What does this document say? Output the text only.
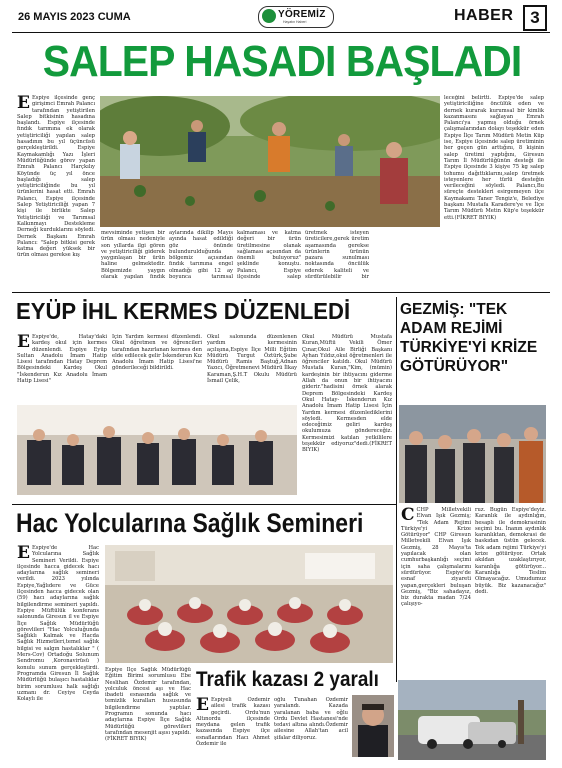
26 MAYIS 2023 CUMA	YÖREMİZ
Hayatın Haberi	HABER 3
SALEP HASADI BAŞLADI
E Espiye ilçesinde genç girişimci Emrah Palancı tarafından yetiştirilen Salep bitkisinin hasadına başlandı. Espiye ilçesinde fındık tarımına ek olarak yetiştiriciliği yapılan salep hasadının bu yıl üçüncüsü gerçekleştirildi. Espiye Kaymakamlığı Yazı İşleri Müdürlüğünde görev yapan Emrah Palancı Harçkılıy Köyünde üç yıl önce başladığı salep yetiştiriciliğinde bu yıl ürünlerini hasat etti. Emrah Palancı, Espiye ilçesinde Salep Yetiştiriciliği yapan 7 kişi ile birlikte Salep Yetiştiriciliği ve Tarımsal Kalkınmayı Destekleme Derneği kurduklarını söyledi. Dernek Başkanı Emrah Palancı: "Salep bitkisi gerek katma değeri yüksek bir ürün olması gerekse kış
mevsiminde yetişen bir ürün olması nedeniyle son yıllarda ilgi gören ve yetiştiriciliği giderek yaygınlaşan bir ürün haline gelmektedir. Bölgemizde yaygın olarak yapılan fındık
aylarında dikilip Mayıs ayında hasat edildiği göz önünde bulundurulduğunda bölgemiz açısından fındık tarımına engel olmadığı gibi 12 ay boyunca tarımsal
kalmaması ve katma değeri bir ürün üretilmesine olanak sağlaması açısından da önemli buluyoruz" şeklinde konuştu. Palancı, Espiye ilçesinde salep
üretmek isteyen üreticilere,gerek üretim aşamasında gerekse ürünlerin ürünün pazara sunulması noktasında öncülük ederek kaliteli ve sürdürülebilir bir
leceğini belirtti. Espiye'de salep yetiştiriciliğine öncülük eden ve dernek kurarak kurumsal bir kimlik kazanmasını sağlayan Emrah Palancı'ya yapmış olduğu örnek çalışmalarından dolayı teşekkür eden Espiye İlçe Tarım Müdürü Metin Küp ise, Espiye ilçesinde salep üretiminin her geçen gün arttığını, 8 kişinin salep üretimi yaptığını, Giresun Tarım İl Müdürlüğünün desteği ile Espiye ilçesinde 3 kişiye 75 kg salep tohumu dağıttıklarını,salep üretmek isteyenlere her türlü desteğin verileceğini söyledi. Palancı,Bu süreçte destekleri esirgemeyen ilçe Kaymakamı Taner Tengiz'e, Belediye başkanı Mustafa Karadere'ye ve İlçe Tarım Müdürü Metin Küp'e teşekkür etti.(FİKRET BIYIK)
EYÜP İHL KERMES DÜZENLEDİ
E Espiye'de, Hatay'daki kardeş okul için kermes düzenlendi. Espiye Eyüp Sultan Anadolu İmam Hatip Lisesi tarafından Hatay Deprem Bölgesindeki Kardeş Okul "İskenderun Kız Anadolu İmam Hatip Lisesi"
İçin Yardım kermesi düzenlendi. Okul öğretmen ve öğrencileri tarafından hazırlanan kermes den elde edilecek gelir İskenderun Kız Anadolu İmam Hatip Lisesi'ne gönderileceği bildirildi.
Okul salonunda düzenlenen yardım kermesinin açılışına,Espiye İlçe Milli Eğitim Müdürü Turgut Öztürk,Şube Müdürü Ramis Baştuğ,Adnan Yazıcı, Öğretmenevi Müdürü İlkay Karaman,Ş.H.T Okulu Müdürü İsmail Çelik,
Okul Müdürü Mustafa Kuran,Müftü Vekili Ömer Çınar,Okul Aile Birliği Başkanı Ayhan Yıldız,okul öğretmenleri ile öğrenciler katıldı. Okul Müdürü Mustafa Kuran,"Kim, (mümin) kardeşinin bir ihtiyacını giderme Allah da onun bir ihtiyacını giderir."hadisini örnek alarak Deprem Bölgesindeki Kardeş Okul Hatay- İskenderun Kız Anadolu İmam Hatip Lisesi İçin Yardım kermesi düzenlediklerini söyledi. Kermesden elde edeceğimiz geliri kardeş okulumuza göndereceğiz. Kermesimizi katılan yetkililere teşekkür ediyoruz"dedi.(FİKRET BIYIK)
GEZMİŞ: "TEK ADAM REJİMİ TÜRKİYE'Yİ KRİZE GÖTÜRÜYOR"
CCHP Milletvekili Elvan Işık Gezmiş; "Tek Adam Rejimi Türkiye'yi Krize Götürüyor" CHP Giresun Milletvekili Elvan Işık Gezmiş, 28 Mayıs'ta yapılacak olan cumhurbaşkanlığı seçimi için saha çalışmalarını sürdürüyor. Espiye'de esnaf ziyareti yapan,gerçekleri buluşan Gezmiş, "Biz sahadayız, biz durakta madan 7/24 çalışıyo-
ruz. Bugün Espiye'deyiz. Karanlık ile aydınlığın, hesaplı ile demokrasinin seçimi bu. İnanın aydınlık karanlıktan, demokrasi de baskıdan üstün gelecek. Tek adam rejimi Türkiye'yi krize götürüyor. Ortak akıldan uzaklaştırıyor, karanlığa götürüyor... Karanlığa Teslim Olmayacağız. Umudumuz büyük. Biz kazanacağız" dedi.
Hac Yolcularına Sağlık Semineri
E Espiye'de Hac Yolcularına Sağlık Semineri Verildi. Espiye ilçesinde hacca gidecek hacı adaylarına sağlık semineri verildi. 2023 yılında Espiye,Yağlıdere ve Güce ilçesinden hacca gidecek olan (59) hacı adaylarına sağlık bilgilendirme semineri yapıldı. Espiye Müftülük konferans salonunda Giresun il ve Espiye İlçe Sağlık Müdürlüğü görevlileri "Hac Yolculuğunda Sağlıklı Kalmak ve Hacda Sağlık Hizmetleri,temel sağlık bilgisi ve salgın hastalıklar " ( Mers-Cov) Ortadoğu Solunum Sendromu ,Koronavirüsü ) konulu sunum gerçekleştirdi. Programda Giresun İl Sağlık Müdürlüğü bulaşıcı hastalıklar birim sorumlusu halk sağlığı uzmanı dr. Ceyiye Ceyda Kolaylı ile
Espiye İlçe Sağlık Müdürlüğü Eğitim Birimi sorumlusu Ebe Neslihan Özdemir tarafından, yolculuk öncesi aşı ve Hac ibadeti esnasında sağlık ve temizlik kuralları hususunda bilgilendirme yaptılar. Programın sonunda hacı adaylarına Espiye İlçe Sağlık Müdürlüğü görevlileri tarafından mesenjit aşısı yapıldı. (FİKRET BIYIK)
Trafik kazası 2 yaralı
E Espiyeli Özdemir ailesi trafik kazası geçirdi. Ordu'nun Altınordu ilçesinde meydana gelen trafik kazasında Espiye ilçe esnaflarından Hacı Ahmet Özdemir ile
oğlu Tunahan Özdemir yaralandı. Kazada yaralanan baba ve oğlu Ordu Devlet Hastanesi'nde tedavi altına alındı.Özdemir ailesine Allah'tan acil şifalar diliyoruz.
